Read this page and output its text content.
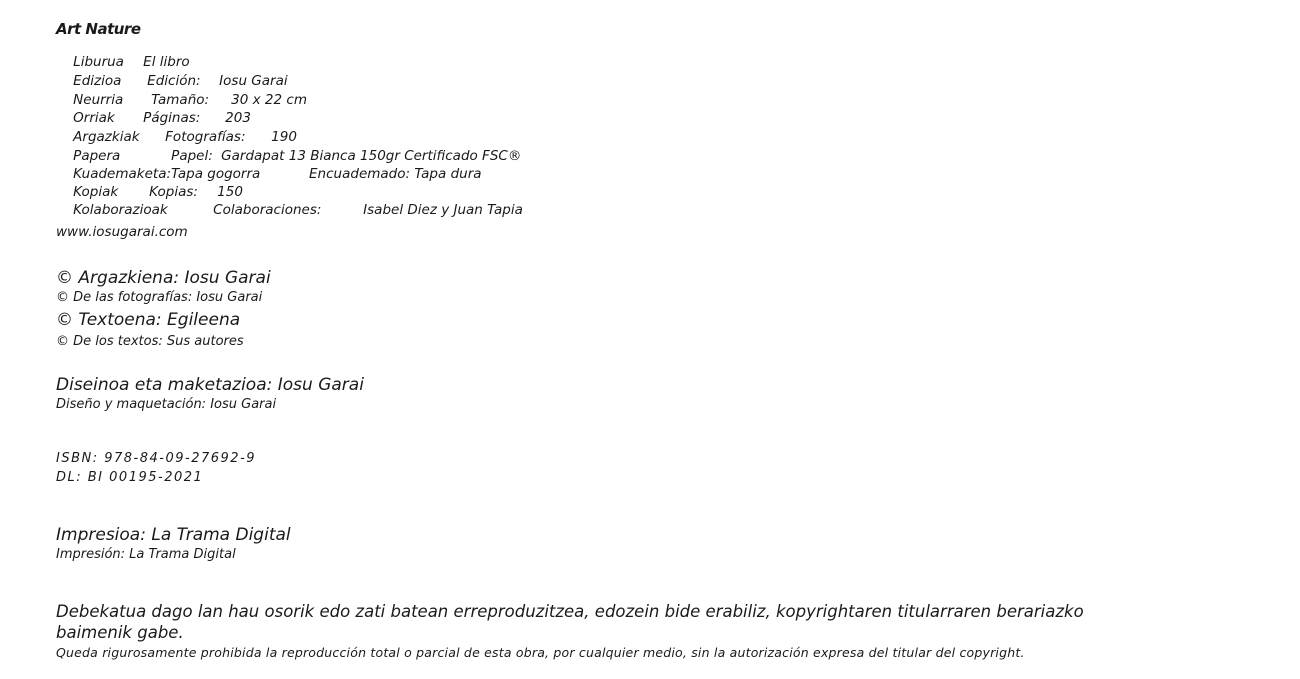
Art Nature

Liburua El libro

Edizioa Edición: Iosu Garai

Neurria Tamaño: 30 x 22 cm

Orriak Páginas: 203

Argazkiak Fotografías: 190

Papera	Papel: Gardapat 13 Bianca 150gr Certificado FSC®

Kuademaketa:Tapa gogorra	Encuademado: Tapa dura

Kopiak Kopias: 150

Kolaborazioak	Colaboraciones:	Isabel Diez y Juan Tapia

www.iosugarai.com
© Argazkiena: Iosu Garai
© De las fotografías: Iosu Garai
© Textoena: Egileena
© De los textos: Sus autores
Diseinoa eta maketazioa: Iosu Garai
Diseño y maquetación: Iosu Garai
ISBN: 978-84-09-27692-9
DL: BI 00195-2021
Impresioa: La Trama Digital
Impresión: La Trama Digital
Debekatua dago lan hau osorik edo zati batean erreproduzitzea, edozein bide erabiliz, kopyrightaren titularraren berariazko
baimenik gabe.
Queda rigurosamente prohibida la reproducción total o parcial de esta obra, por cualquier medio, sin la autorización expresa del titular del copyright.
